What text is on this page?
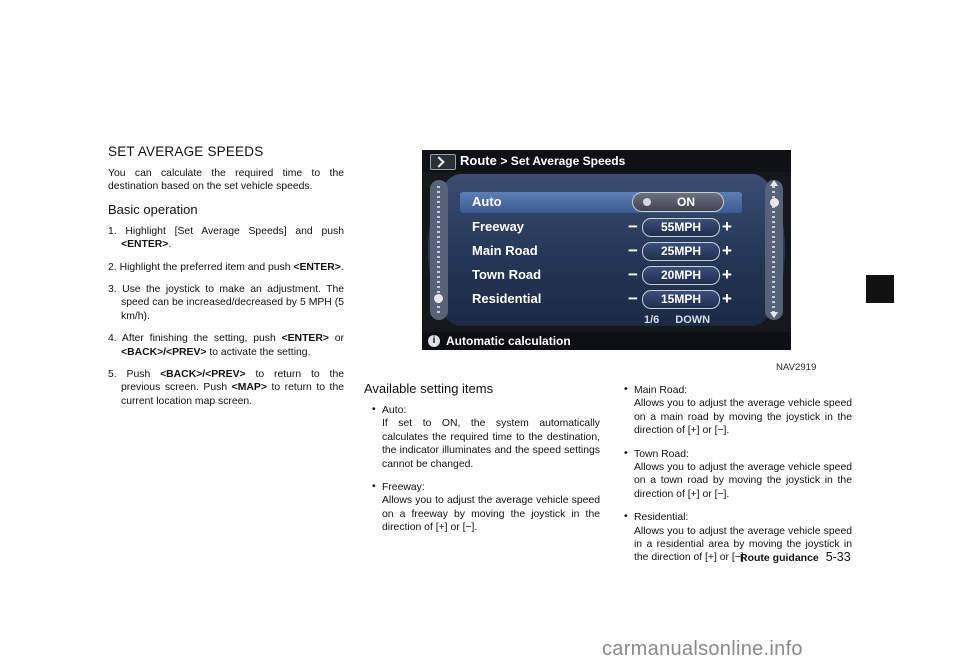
SET AVERAGE SPEEDS

You can calculate the required time to the destination based on the set vehicle speeds.

Basic operation
1. Highlight [Set Average Speeds] and push <ENTER>.
2. Highlight the preferred item and push <ENTER>.
3. Use the joystick to make an adjustment. The speed can be increased/decreased by 5 MPH (5 km/h).
4. After finishing the setting, push <ENTER> or <BACK>/<PREV> to activate the setting.
5. Push <BACK>/<PREV> to return to the previous screen. Push <MAP> to return to the current location map screen.
Route > Set Average Speeds
Auto	ON
Freeway	−	55MPH	+
Main Road	−	25MPH	+
Town Road	−	20MPH	+
Residential	−	15MPH	+
1/6 DOWN
i Automatic calculation
NAV2919
Available setting items
• Auto:

If set to ON, the system automatically calculates the required time to the destination, the indicator illuminates and the speed settings cannot be changed.

• Freeway:

Allows you to adjust the average vehicle speed on a freeway by moving the joystick in the direction of [+] or [−].

• Main Road:

Allows you to adjust the average vehicle speed on a main road by moving the joystick in the direction of [+] or [−].

• Town Road:

Allows you to adjust the average vehicle speed on a town road by moving the joystick in the direction of [+] or [−].

• Residential:

Allows you to adjust the average vehicle speed in a residential area by moving the joystick in the direction of [+] or [−].

Route guidance 5-33
carmanualsonline.info
